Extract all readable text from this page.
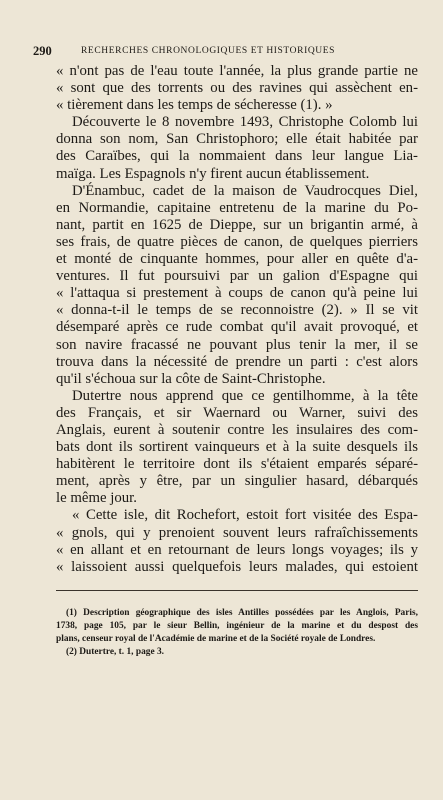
290	RECHERCHES CHRONOLOGIQUES ET HISTORIQUES
« n'ont pas de l'eau toute l'année, la plus grande partie ne
« sont que des torrents ou des ravines qui assèchent en-
« tièrement dans les temps de sécheresse (1). »
Découverte le 8 novembre 1493, Christophe Colomb lui
donna son nom, San Christophoro; elle était habitée par
des Caraïbes, qui la nommaient dans leur langue Lia-
maïga. Les Espagnols n'y firent aucun établissement.
D'Énambuc, cadet de la maison de Vaudrocques Diel,
en Normandie, capitaine entretenu de la marine du Po-
nant, partit en 1625 de Dieppe, sur un brigantin armé, à
ses frais, de quatre pièces de canon, de quelques pierriers
et monté de cinquante hommes, pour aller en quête d'a-
ventures. Il fut poursuivi par un galion d'Espagne qui
« l'attaqua si prestement à coups de canon qu'à peine lui
« donna-t-il le temps de se reconnoistre (2). » Il se vit
désemparé après ce rude combat qu'il avait provoqué, et
son navire fracassé ne pouvant plus tenir la mer, il se
trouva dans la nécessité de prendre un parti : c'est alors
qu'il s'échoua sur la côte de Saint-Christophe.
Dutertre nous apprend que ce gentilhomme, à la tête
des Français, et sir Waernard ou Warner, suivi des
Anglais, eurent à soutenir contre les insulaires des com-
bats dont ils sortirent vainqueurs et à la suite desquels ils
habitèrent le territoire dont ils s'étaient emparés séparé-
ment, après y être, par un singulier hasard, débarqués
le même jour.
« Cette isle, dit Rochefort, estoit fort visitée des Espa-
« gnols, qui y prenoient souvent leurs rafraîchissements
« en allant et en retournant de leurs longs voyages; ils y
« laissoient aussi quelquefois leurs malades, qui estoient
(1) Description géographique des isles Antilles possédées par les Anglois, Paris,
1738, page 105, par le sieur Bellin, ingénieur de la marine et du despost des
plans, censeur royal de l'Académie de marine et de la Société royale de Londres.
(2) Dutertre, t. 1, page 3.
